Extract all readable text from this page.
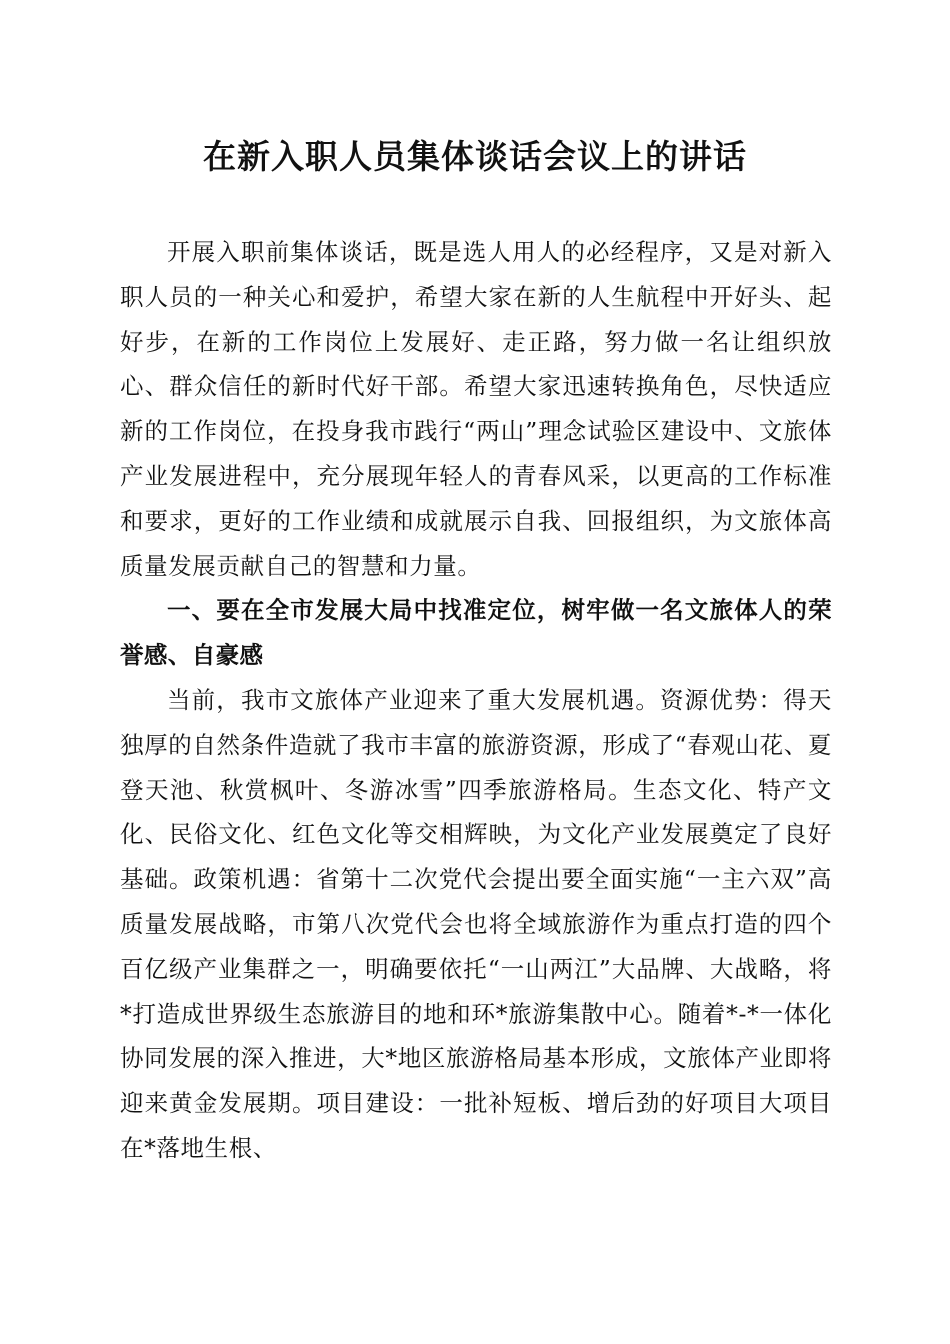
在新入职人员集体谈话会议上的讲话

开展入职前集体谈话，既是选人用人的必经程序，又是对新入职人员的一种关心和爱护，希望大家在新的人生航程中开好头、起好步，在新的工作岗位上发展好、走正路，努力做一名让组织放心、群众信任的新时代好干部。希望大家迅速转换角色，尽快适应新的工作岗位，在投身我市践行“两山”理念试验区建设中、文旅体产业发展进程中，充分展现年轻人的青春风采，以更高的工作标准和要求，更好的工作业绩和成就展示自我、回报组织，为文旅体高质量发展贡献自己的智慧和力量。

一、要在全市发展大局中找准定位，树牢做一名文旅体人的荣誉感、自豪感

当前，我市文旅体产业迎来了重大发展机遇。资源优势：得天独厚的自然条件造就了我市丰富的旅游资源，形成了“春观山花、夏登天池、秋赏枫叶、冬游冰雪”四季旅游格局。生态文化、特产文化、民俗文化、红色文化等交相辉映，为文化产业发展奠定了良好基础。政策机遇：省第十二次党代会提出要全面实施“一主六双”高质量发展战略，市第八次党代会也将全域旅游作为重点打造的四个百亿级产业集群之一，明确要依托“一山两江”大品牌、大战略，将*打造成世界级生态旅游目的地和环*旅游集散中心。随着*-*一体化协同发展的深入推进，大*地区旅游格局基本形成，文旅体产业即将迎来黄金发展期。项目建设：一批补短板、增后劲的好项目大项目在*落地生根、
